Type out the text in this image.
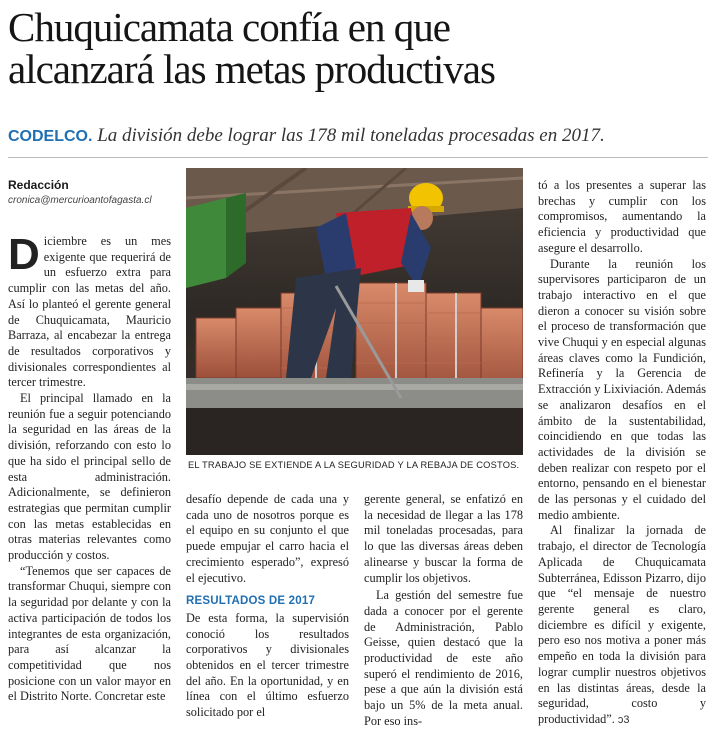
Chuquicamata confía en que
alcanzará las metas productivas
CODELCO. La división debe lograr las 178 mil toneladas procesadas en 2017.
Redacción
cronica@mercurioantofagasta.cl

Diciembre es un mes exigente que requerirá de un esfuerzo extra para cumplir con las metas del año. Así lo planteó el gerente general de Chuquicamata, Mauricio Barraza, al encabezar la entrega de resultados corporativos y divisionales correspondientes al tercer trimestre.

El principal llamado en la reunión fue a seguir potenciando la seguridad en las áreas de la división, reforzando con esto lo que ha sido el principal sello de esta administración. Adicionalmente, se definieron estrategias que permitan cumplir con las metas establecidas en otras materias relevantes como producción y costos.

“Tenemos que ser capaces de transformar Chuqui, siempre con la seguridad por delante y con la activa participación de todos los integrantes de esta organización, para así alcanzar la competitividad que nos posicione con un valor mayor en el Distrito Norte. Concretar este

EL TRABAJO SE EXTIENDE A LA SEGURIDAD Y LA REBAJA DE COSTOS.

desafío depende de cada una y cada uno de nosotros porque es el equipo en su conjunto el que puede empujar el carro hacia el crecimiento esperado”, expresó el ejecutivo.

RESULTADOS DE 2017

De esta forma, la supervisión conoció los resultados corporativos y divisionales obtenidos en el tercer trimestre del año. En la oportunidad, y en línea con el último esfuerzo solicitado por el

gerente general, se enfatizó en la necesidad de llegar a las 178 mil toneladas procesadas, para lo que las diversas áreas deben alinearse y buscar la forma de cumplir los objetivos.

La gestión del semestre fue dada a conocer por el gerente de Administración, Pablo Geisse, quien destacó que la productividad de este año superó el rendimiento de 2016, pese a que aún la división está bajo un 5% de la meta anual. Por eso ins-

tó a los presentes a superar las brechas y cumplir con los compromisos, aumentando la eficiencia y productividad que asegure el desarrollo.

Durante la reunión los supervisores participaron de un trabajo interactivo en el que dieron a conocer su visión sobre el proceso de transformación que vive Chuqui y en especial algunas áreas claves como la Fundición, Refinería y la Gerencia de Extracción y Lixiviación. Además se analizaron desafíos en el ámbito de la sustentabilidad, coincidiendo en que todas las actividades de la división se deben realizar con respeto por el entorno, pensando en el bienestar de las personas y el cuidado del medio ambiente.

Al finalizar la jornada de trabajo, el director de Tecnología Aplicada de Chuquicamata Subterránea, Edisson Pizarro, dijo que “el mensaje de nuestro gerente general es claro, diciembre es difícil y exigente, pero eso nos motiva a poner más empeño en toda la división para lograr cumplir nuestros objetivos en las distintas áreas, desde la seguridad, costo y productividad”. ↄ3
